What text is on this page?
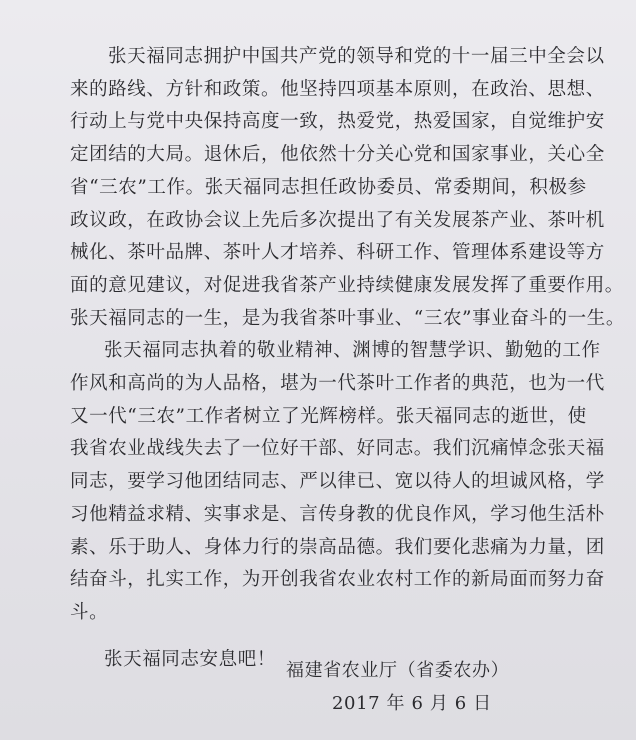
张天福同志拥护中国共产党的领导和党的十一届三中全会以
来的路线、方针和政策。他坚持四项基本原则，在政治、思想、
行动上与党中央保持高度一致，热爱党，热爱国家，自觉维护安
定团结的大局。退休后，他依然十分关心党和国家事业，关心全
省“三农”工作。张天福同志担任政协委员、常委期间，积极参
政议政，在政协会议上先后多次提出了有关发展茶产业、茶叶机
械化、茶叶品牌、茶叶人才培养、科研工作、管理体系建设等方
面的意见建议，对促进我省茶产业持续健康发展发挥了重要作用。
张天福同志的一生，是为我省茶叶事业、“三农”事业奋斗的一生。
张天福同志执着的敬业精神、渊博的智慧学识、勤勉的工作
作风和高尚的为人品格，堪为一代茶叶工作者的典范，也为一代
又一代“三农”工作者树立了光辉榜样。张天福同志的逝世，使
我省农业战线失去了一位好干部、好同志。我们沉痛悼念张天福
同志，要学习他团结同志、严以律已、宽以待人的坦诚风格，学
习他精益求精、实事求是、言传身教的优良作风，学习他生活朴
素、乐于助人、身体力行的崇高品德。我们要化悲痛为力量，团
结奋斗，扎实工作，为开创我省农业农村工作的新局面而努力奋
斗。
张天福同志安息吧！
福建省农业厅（省委农办）
2017 年 6 月 6 日
